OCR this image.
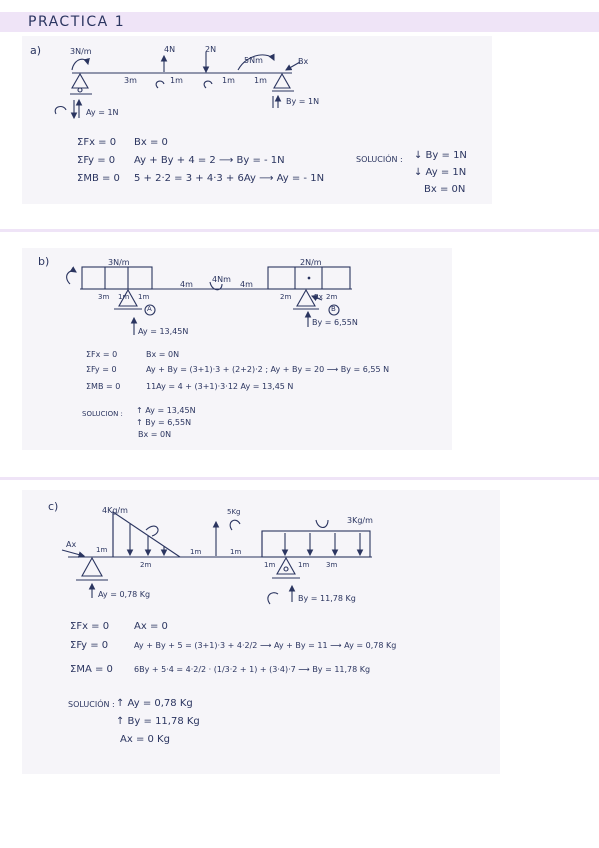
PRACTICA 1
a)	3N/m	4N	2N
5Nm	Bx
3m	1m	1m 1m
Ay = 1N
By = 1N
ΣFx = 0 Bx = 0
ΣFy = 0 Ay + By + 4 = 2 ⟶ By = - 1N
ΣMB = 0 5 + 2·2 = 3 + 4·3 + 6Ay ⟶ Ay = - 1N
SOLUCIÓN : ↓ By = 1N
↓ Ay = 1N
Bx = 0N
b)	3N/m	2N/m
4Nm
4m	4m
3m 1m 1m	2m	Bx 2m
A	B
Ay = 13,45N
By = 6,55N
ΣFx = 0	Bx = 0N
ΣFy = 0	Ay + By = (3+1)·3 + (2+2)·2 ; Ay + By = 20 ⟶ By = 6,55 N
ΣMB = 0	11Ay = 4 + (3+1)·3·12 Ay = 13,45 N
SOLUCION : ↑ Ay = 13,45N
↑ By = 6,55N
Bx = 0N
c)	4Kg/m	5Kg
3Kg/m
Ax
1m
2m
1m	1m
1m	1m 3m
Ay = 0,78 Kg	By = 11,78 Kg
ΣFx = 0 Ax = 0
ΣFy = 0	Ay + By + 5 = (3+1)·3 + 4·2/2 ⟶ Ay + By = 11 ⟶ Ay = 0,78 Kg
ΣMA = 0	6By + 5·4 = 4·2/2 · (1/3·2 + 1) + (3·4)·7 ⟶ By = 11,78 Kg
SOLUCIÓN : ↑ Ay = 0,78 Kg
↑ By = 11,78 Kg
Ax = 0 Kg
